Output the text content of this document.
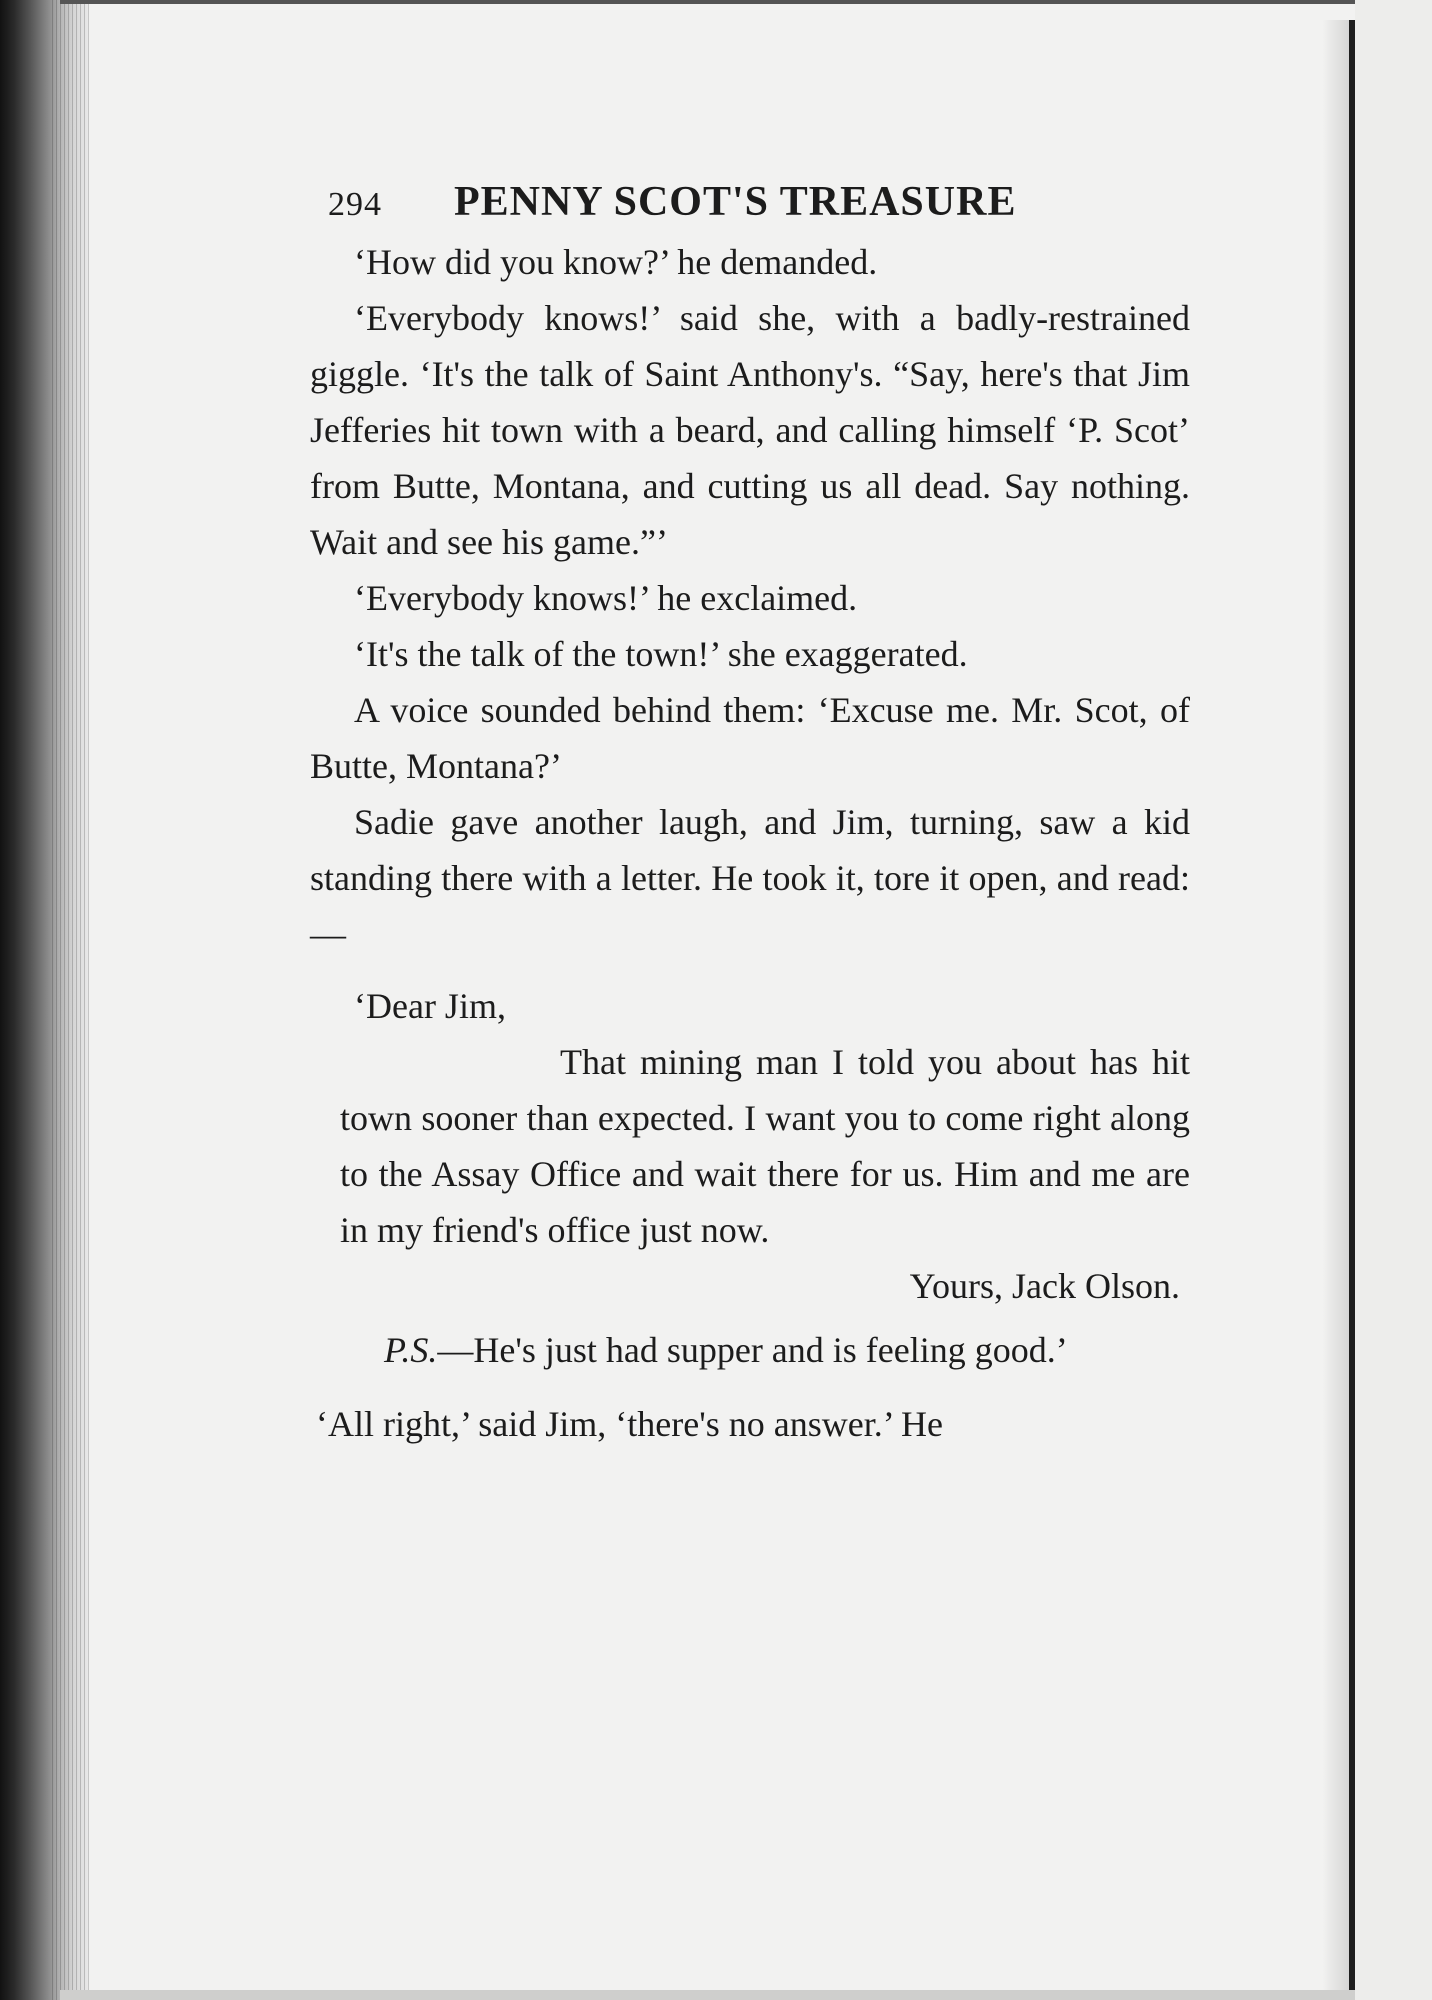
294 PENNY SCOT'S TREASURE

‘How did you know?’ he demanded.

‘Everybody knows!’ said she, with a badly-restrained giggle. ‘It's the talk of Saint Anthony's. “Say, here's that Jim Jefferies hit town with a beard, and calling himself ‘P. Scot’ from Butte, Montana, and cutting us all dead. Say nothing. Wait and see his game.”’

‘Everybody knows!’ he exclaimed.

‘It's the talk of the town!’ she exaggerated.

A voice sounded behind them: ‘Excuse me. Mr. Scot, of Butte, Montana?’

Sadie gave another laugh, and Jim, turning, saw a kid standing there with a letter. He took it, tore it open, and read:—

‘Dear Jim,

That mining man I told you about has hit town sooner than expected. I want you to come right along to the Assay Office and wait there for us. Him and me are in my friend's office just now.

Yours, Jack Olson.

P.S.—He's just had supper and is feeling good.’

‘All right,’ said Jim, ‘there's no answer.’ He
